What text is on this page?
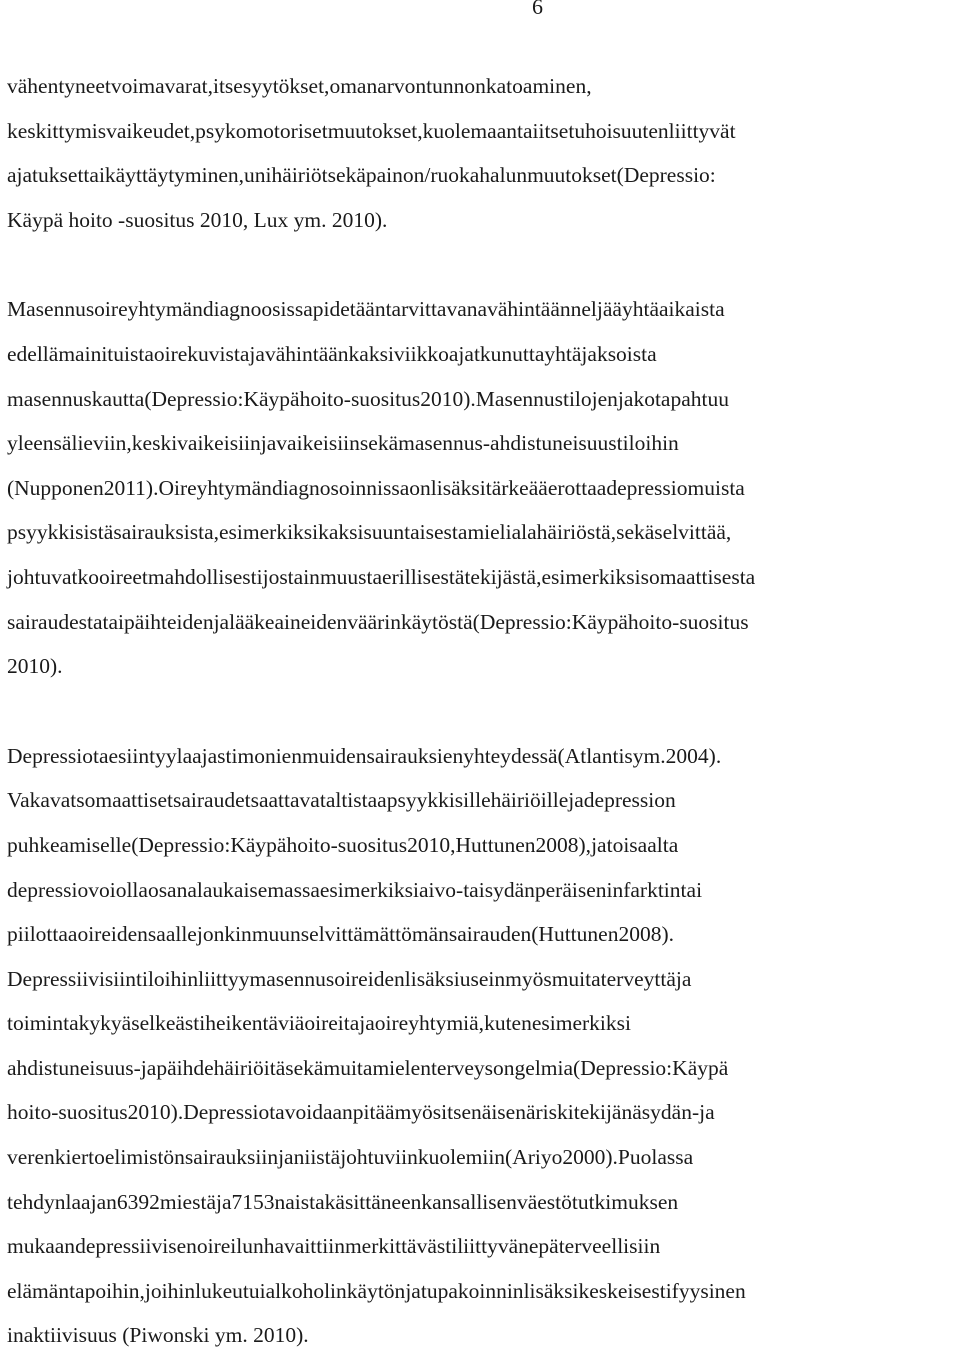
6
vähentyneetvoimavarat,itsesyytökset,omanarvontunnonkatoaminen,
keskittymisvaikeudet,psykomotorisetmuutokset,kuolemaantaiitsetuhoisuutenliittyvät
ajatuksettaikäyttäytyminen,unihäiriötsekäpainon/ruokahalunmuutokset(Depressio:
Käypä hoito -suositus 2010, Lux ym. 2010).
Masennusoireyhtymändiagnoosissapidetääntarvittavanavähintäänneljääyhtäaikaista
edellämainituistaoirekuvistajavähintäänkaksiviikkoajatkunuttayhtäjaksoista
masennuskautta(Depressio:Käypähoito-suositus2010).Masennustilojenjakotapahtuu
yleensälieviin,keskivaikeisiinjavaikeisiinsekämasennus-ahdistuneisuustiloihin
(Nupponen2011).Oireyhtymändiagnosoinnissaonlisäksitärkeääerottaadepressiomuista
psyykkisistäsairauksista,esimerkiksikaksisuuntaisestamielialahäiriöstä,sekäselvittää,
johtuvatkooireetmahdollisestijostainmuustaerillisestätekijästä,esimerkiksisomaattisesta
sairaudestataipäihteidenjalääkeaineidenväärinkäytöstä(Depressio:Käypähoito-suositus
2010).
Depressiotaesiintyylaajastimonienmuidensairauksienyhteydessä(Atlantisym.2004).
Vakavatsomaattisetsairaudetsaattavataltistaapsyykkisillehäiriöillejadepression
puhkeamiselle(Depressio:Käypähoito-suositus2010,Huttunen2008),jatoisaalta
depressiovoiollaosanalaukaisemassaesimerkiksiaivo-taisydänperäiseninfarktintai
piilottaaoireidensaallejonkinmuunselvittämättömänsairauden(Huttunen2008).
Depressiivisiintiloihinliittyymasennusoireidenlisäksiuseinmyösmuitaterveyttäja
toimintakykyäselkeästiheikentäviäoireitajaoireyhtymiä,kutenesimerkiksi
ahdistuneisuus-japäihdehäiriöitäsekämuitamielenterveysongelmia(Depressio:Käypä
hoito-suositus2010).Depressiotavoidaanpitäämyösitsenäisenäriskitekijänäsydän-ja
verenkiertoelimistönsairauksiinjaniistäjohtuviinkuolemiin(Ariyo2000).Puolassa
tehdynlaajan6392miestäja7153naistakäsittäneenkansallisenväestötutkimuksen
mukaandepressiivisenoireilunhavaittiinmerkittävästiliittyvänepäterveellisiin
elämäntapoihin,joihinlukeutuialkoholinkäytönjatupakoinninlisäksikeskeisestifyysinen
inaktiivisuus (Piwonski ym. 2010).
